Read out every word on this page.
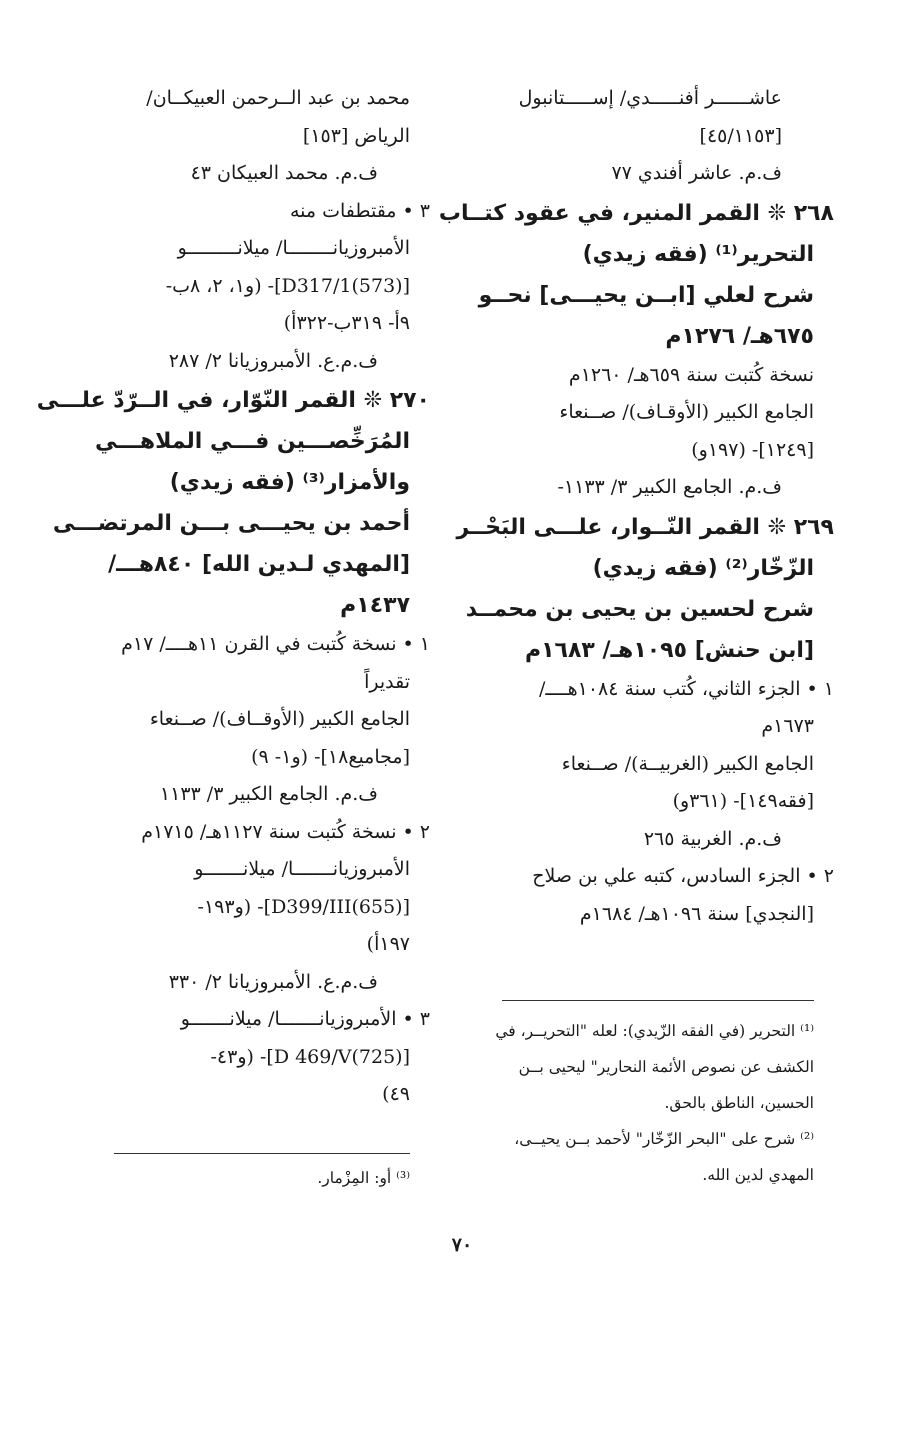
عاشــــــر أفنـــــدي/ إســـــتانبول
[٤٥/١١٥٣]
ف.م. عاشر أفندي ٧٧
٢٦٨ ❊ القمر المنير، في عقود كتــاب
التحرير⁽¹⁾ (فقه زيدي)
شرح لعلي [ابــن يحيـــى] نحــو
٦٧٥هـ/ ١٢٧٦م
نسخة كُتبت سنة ٦٥٩هـ/ ١٢٦٠م
الجامع الكبير (الأوقـاف)/ صــنعاء
[١٢٤٩]- (١٩٧و)
ف.م. الجامع الكبير ٣/ ١١٣٣-
٢٦٩ ❊ القمر النّــوار، علـــى البَحْــر
الزّخّار⁽²⁾ (فقه زيدي)
شرح لحسين بن يحيى بن محمــد
[ابن حنش] ١٠٩٥هـ/ ١٦٨٣م
١ • الجزء الثاني، كُتب سنة ١٠٨٤هــــ/
١٦٧٣م
الجامع الكبير (الغربيــة)/ صــنعاء
[فقه١٤٩]- (٣٦١و)
ف.م. الغربية ٢٦٥
٢ • الجزء السادس، كتبه علي بن صلاح
[النجدي] سنة ١٠٩٦هـ/ ١٦٨٤م
محمد بن عبد الــرحمن العبيكــان/
الرياض [١٥٣]
ف.م. محمد العبيكان ٤٣
٣ • مقتطفات منه
الأمبروزيانــــــــا/ ميلانـــــــــو
[(573)D317/1]- (و١، ٢، ٨ب-
٩أ- ٣١٩ب-٣٢٢أ)
ف.م.ع. الأمبروزيانا ٢/ ٢٨٧
٢٧٠ ❊ القمر النّوّار، في الــرّدّ علـــى
المُرَخِّصـــين فـــي الملاهـــي
والأمزار⁽³⁾ (فقه زيدي)
أحمد بن يحيـــى بـــن المرتضـــى
[المهدي لـدين الله] ٨٤٠هـــ/
١٤٣٧م
١ • نسخة كُتبت في القرن ١١هــــ/ ١٧م
تقديراً
الجامع الكبير (الأوقــاف)/ صــنعاء
[مجاميع١٨]- (و١- ٩)
ف.م. الجامع الكبير ٣/ ١١٣٣
٢ • نسخة كُتبت سنة ١١٢٧هـ/ ١٧١٥م
الأمبروزيانـــــــا/ ميلانـــــــو
[(655)D399/III]- (و١٩٣-
١٩٧أ)
ف.م.ع. الأمبروزيانا ٢/ ٣٣٠
٣ • الأمبروزيانـــــــا/ ميلانـــــــو
[(725)D 469/V]- (و٤٣-
٤٩)
⁽¹⁾ التحرير (في الفقه الزّيدي): لعله "التحريــر، في
الكشف عن نصوص الأئمة النحارير" ليحيى بــن
الحسين، الناطق بالحق.
⁽²⁾ شرح على "البحر الزّخّار" لأحمد بــن يحيــى،
المهدي لدين الله.
⁽³⁾ أو: المِزْمار.
٧٠
